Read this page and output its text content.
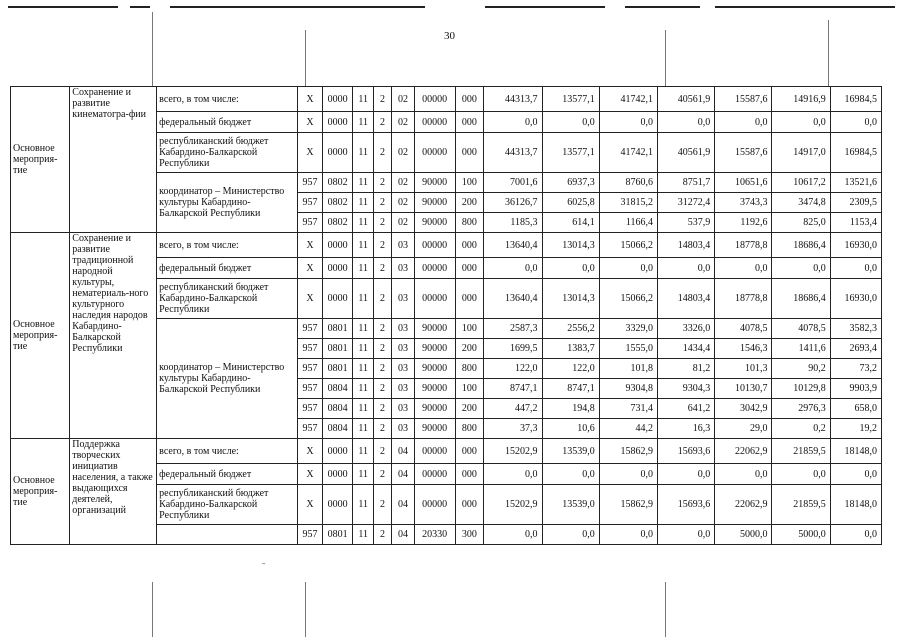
30
Основное мероприя-тие	Сохранение и развитие кинематогра-фии	всего, в том числе:	X	0000	11	2	02	00000	000	44313,7	13577,1	41742,1	40561,9	15587,6	14916,9	16984,5
		федеральный бюджет	X	0000	11	2	02	00000	000	0,0	0,0	0,0	0,0	0,0	0,0	0,0
		республиканский бюджет Кабардино-Балкарской Республики	X	0000	11	2	02	00000	000	44313,7	13577,1	41742,1	40561,9	15587,6	14917,0	16984,5
		координатор – Министерство культуры Кабардино-Балкарской Республики	957	0802	11	2	02	90000	100	7001,6	6937,3	8760,6	8751,7	10651,6	10617,2	13521,6
			957	0802	11	2	02	90000	200	36126,7	6025,8	31815,2	31272,4	3743,3	3474,8	2309,5
			957	0802	11	2	02	90000	800	1185,3	614,1	1166,4	537,9	1192,6	825,0	1153,4
Основное мероприя-тие	Сохранение и развитие традиционной народной культуры, нематериаль-ного культурного наследия народов Кабардино-Балкарской Республики	всего, в том числе:	X	0000	11	2	03	00000	000	13640,4	13014,3	15066,2	14803,4	18778,8	18686,4	16930,0
		федеральный бюджет	X	0000	11	2	03	00000	000	0,0	0,0	0,0	0,0	0,0	0,0	0,0
		республиканский бюджет Кабардино-Балкарской Республики	X	0000	11	2	03	00000	000	13640,4	13014,3	15066,2	14803,4	18778,8	18686,4	16930,0
		координатор – Министерство культуры Кабардино-Балкарской Республики	957	0801	11	2	03	90000	100	2587,3	2556,2	3329,0	3326,0	4078,5	4078,5	3582,3
			957	0801	11	2	03	90000	200	1699,5	1383,7	1555,0	1434,4	1546,3	1411,6	2693,4
			957	0801	11	2	03	90000	800	122,0	122,0	101,8	81,2	101,3	90,2	73,2
			957	0804	11	2	03	90000	100	8747,1	8747,1	9304,8	9304,3	10130,7	10129,8	9903,9
			957	0804	11	2	03	90000	200	447,2	194,8	731,4	641,2	3042,9	2976,3	658,0
			957	0804	11	2	03	90000	800	37,3	10,6	44,2	16,3	29,0	0,2	19,2
Основное мероприя-тие	Поддержка творческих инициатив населения, а также выдающихся деятелей, организаций	всего, в том числе:	X	0000	11	2	04	00000	000	15202,9	13539,0	15862,9	15693,6	22062,9	21859,5	18148,0
		федеральный бюджет	X	0000	11	2	04	00000	000	0,0	0,0	0,0	0,0	0,0	0,0	0,0
		республиканский бюджет Кабардино-Балкарской Республики	X	0000	11	2	04	00000	000	15202,9	13539,0	15862,9	15693,6	22062,9	21859,5	18148,0
			957	0801	11	2	04	20330	300	0,0	0,0	0,0	0,0	5000,0	5000,0	0,0
ˉ
